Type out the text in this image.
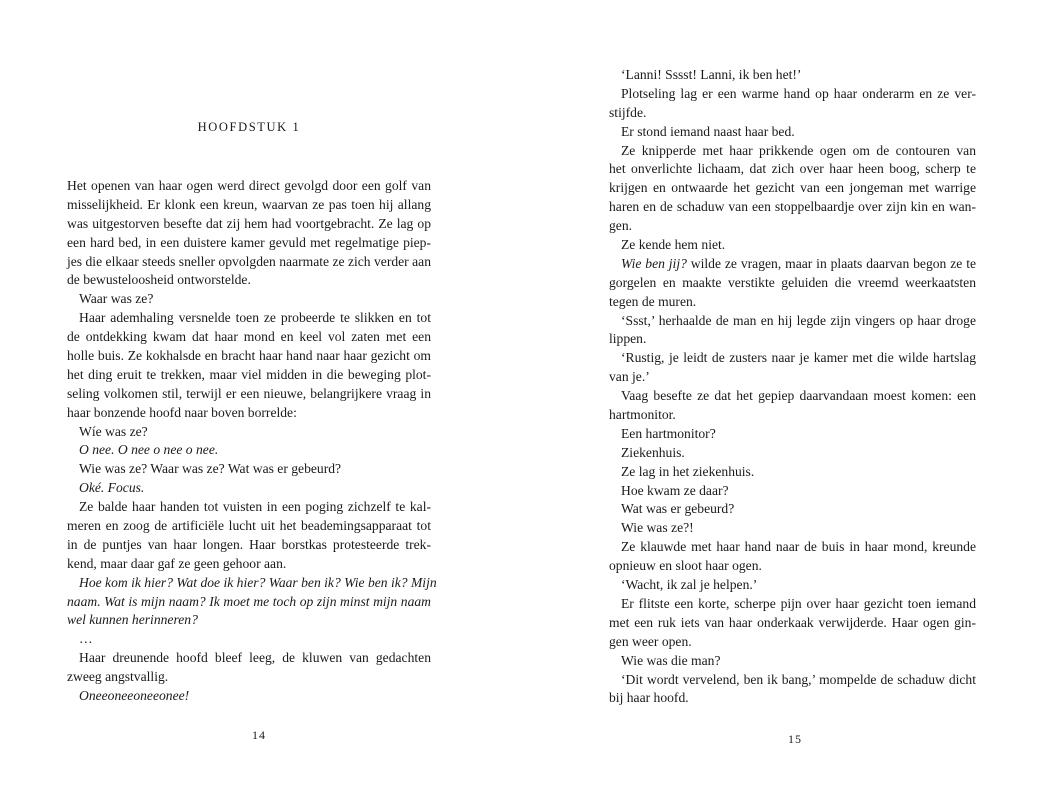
HOOFDSTUK 1
Het openen van haar ogen werd direct gevolgd door een golf van
misselijkheid. Er klonk een kreun, waarvan ze pas toen hij allang
was uitgestorven besefte dat zij hem had voortgebracht. Ze lag op
een hard bed, in een duistere kamer gevuld met regelmatige piep-
jes die elkaar steeds sneller opvolgden naarmate ze zich verder aan
de bewusteloosheid ontworstelde.
Waar was ze?
Haar ademhaling versnelde toen ze probeerde te slikken en tot
de ontdekking kwam dat haar mond en keel vol zaten met een
holle buis. Ze kokhalsde en bracht haar hand naar haar gezicht om
het ding eruit te trekken, maar viel midden in die beweging plot-
seling volkomen stil, terwijl er een nieuwe, belangrijkere vraag in
haar bonzende hoofd naar boven borrelde:
Wíe was ze?
O nee. O nee o nee o nee.
Wie was ze? Waar was ze? Wat was er gebeurd?
Oké. Focus.
Ze balde haar handen tot vuisten in een poging zichzelf te kal-
meren en zoog de artificiële lucht uit het beademingsapparaat tot
in de puntjes van haar longen. Haar borstkas protesteerde trek-
kend, maar daar gaf ze geen gehoor aan.
Hoe kom ik hier? Wat doe ik hier? Waar ben ik? Wie ben ik? Mijn
naam. Wat is mijn naam? Ik moet me toch op zijn minst mijn naam
wel kunnen herinneren?
…
Haar dreunende hoofd bleef leeg, de kluwen van gedachten
zweeg angstvallig.
Oneeoneeoneeonee!
14
‘Lanni! Sssst! Lanni, ik ben het!’
Plotseling lag er een warme hand op haar onderarm en ze ver-
stijfde.
Er stond iemand naast haar bed.
Ze knipperde met haar prikkende ogen om de contouren van
het onverlichte lichaam, dat zich over haar heen boog, scherp te
krijgen en ontwaarde het gezicht van een jongeman met warrige
haren en de schaduw van een stoppelbaardje over zijn kin en wan-
gen.
Ze kende hem niet.
Wie ben jij? wilde ze vragen, maar in plaats daarvan begon ze te
gorgelen en maakte verstikte geluiden die vreemd weerkaatsten
tegen de muren.
‘Ssst,’ herhaalde de man en hij legde zijn vingers op haar droge
lippen.
‘Rustig, je leidt de zusters naar je kamer met die wilde hartslag
van je.’
Vaag besefte ze dat het gepiep daarvandaan moest komen: een
hartmonitor.
Een hartmonitor?
Ziekenhuis.
Ze lag in het ziekenhuis.
Hoe kwam ze daar?
Wat was er gebeurd?
Wie was ze?!
Ze klauwde met haar hand naar de buis in haar mond, kreunde
opnieuw en sloot haar ogen.
‘Wacht, ik zal je helpen.’
Er flitste een korte, scherpe pijn over haar gezicht toen iemand
met een ruk iets van haar onderkaak verwijderde. Haar ogen gin-
gen weer open.
Wie was die man?
‘Dit wordt vervelend, ben ik bang,’ mompelde de schaduw dicht
bij haar hoofd.
15
